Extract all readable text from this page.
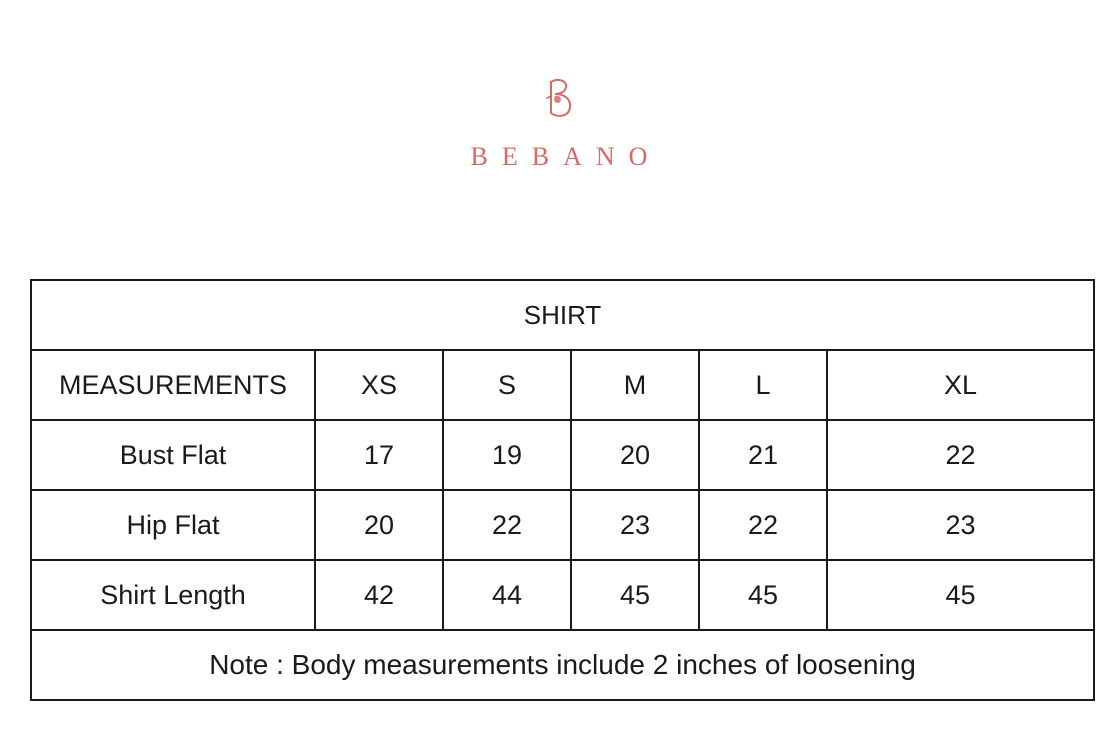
BEBANO
SHIRT					
MEASUREMENTS	XS	S	M	L	XL
Bust Flat	17	19	20	21	22
Hip Flat	20	22	23	22	23
Shirt Length	42	44	45	45	45
Note : Body measurements include 2 inches of loosening					
